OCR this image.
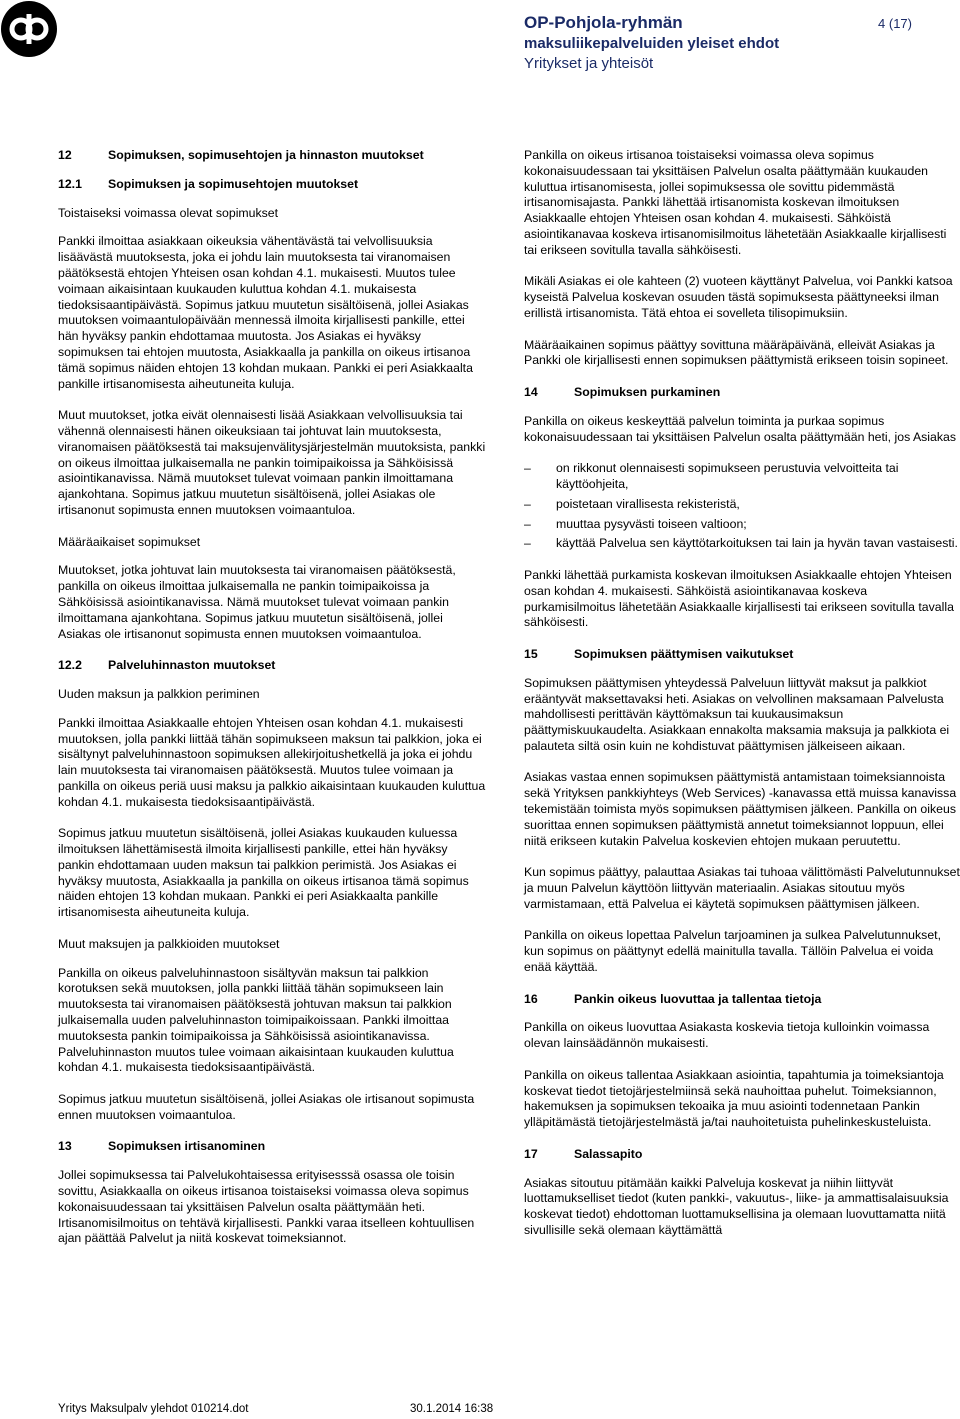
OP-Pohjola-ryhmän
maksuliikepalveluiden yleiset ehdot
Yritykset ja yhteisöt
4 (17)
12	Sopimuksen, sopimusehtojen ja hinnaston muutokset
12.1	Sopimuksen ja sopimusehtojen muutokset
Toistaiseksi voimassa olevat sopimukset

Pankki ilmoittaa asiakkaan oikeuksia vähentävästä tai velvollisuuksia lisäävästä muutoksesta, joka ei johdu lain muutoksesta tai viranomaisen päätöksestä ehtojen Yhteisen osan kohdan 4.1. mukaisesti. Muutos tulee voimaan aikaisintaan kuukauden kuluttua kohdan 4.1. mukaisesta tiedoksisaantipäivästä. Sopimus jatkuu muutetun sisältöisenä, jollei Asiakas muutoksen voimaantulopäivään mennessä ilmoita kirjallisesti pankille, ettei hän hyväksy pankin ehdottamaa muutosta. Jos Asiakas ei hyväksy sopimuksen tai ehtojen muutosta, Asiakkaalla ja pankilla on oikeus irtisanoa tämä sopimus näiden ehtojen 13 kohdan mukaan. Pankki ei peri Asiakkaalta pankille irtisanomisesta aiheutuneita kuluja.

Muut muutokset, jotka eivät olennaisesti lisää Asiakkaan velvollisuuksia tai vähennä olennaisesti hänen oikeuksiaan tai johtuvat lain muutoksesta, viranomaisen päätöksestä tai maksujenvälitysjärjestelmän muutoksista, pankki on oikeus ilmoittaa julkaisemalla ne pankin toimipaikoissa ja Sähköisissä asiointikanavissa. Nämä muutokset tulevat voimaan pankin ilmoittamana ajankohtana. Sopimus jatkuu muutetun sisältöisenä, jollei Asiakas ole irtisanonut sopimusta ennen muutoksen voimaantuloa.

Määräaikaiset sopimukset

Muutokset, jotka johtuvat lain muutoksesta tai viranomaisen päätöksestä, pankilla on oikeus ilmoittaa julkaisemalla ne pankin toimipaikoissa ja Sähköisissä asiointikanavissa. Nämä muutokset tulevat voimaan pankin ilmoittamana ajankohtana. Sopimus jatkuu muutetun sisältöisenä, jollei Asiakas ole irtisanonut sopimusta ennen muutoksen voimaantuloa.

12.2	Palveluhinnaston muutokset
Uuden maksun ja palkkion periminen

Pankki ilmoittaa Asiakkaalle ehtojen Yhteisen osan kohdan 4.1. mukaisesti muutoksen, jolla pankki liittää tähän sopimukseen maksun tai palkkion, joka ei sisältynyt palveluhinnastoon sopimuksen allekirjoitushetkellä ja joka ei johdu lain muutoksesta tai viranomaisen päätöksestä. Muutos tulee voimaan ja pankilla on oikeus periä uusi maksu ja palkkio aikaisintaan kuukauden kuluttua kohdan 4.1. mukaisesta tiedoksisaantipäivästä.

Sopimus jatkuu muutetun sisältöisenä, jollei Asiakas kuukauden kuluessa ilmoituksen lähettämisestä ilmoita kirjallisesti pankille, ettei hän hyväksy pankin ehdottamaan uuden maksun tai palkkion perimistä. Jos Asiakas ei hyväksy muutosta, Asiakkaalla ja pankilla on oikeus irtisanoa tämä sopimus näiden ehtojen 13 kohdan mukaan. Pankki ei peri Asiakkaalta pankille irtisanomisesta aiheutuneita kuluja.

Muut maksujen ja palkkioiden muutokset

Pankilla on oikeus palveluhinnastoon sisältyvän maksun tai palkkion korotuksen sekä muutoksen, jolla pankki liittää tähän sopimukseen lain muutoksesta tai viranomaisen päätöksestä johtuvan maksun tai palkkion julkaisemalla uuden palveluhinnaston toimipaikoissaan. Pankki ilmoittaa muutoksesta pankin toimipaikoissa ja Sähköisissä asiointikanavissa. Palveluhinnaston muutos tulee voimaan aikaisintaan kuukauden kuluttua kohdan 4.1. mukaisesta tiedoksisaantipäivästä.

Sopimus jatkuu muutetun sisältöisenä, jollei Asiakas ole irtisanout sopimusta ennen muutoksen voimaantuloa.

13	Sopimuksen irtisanominen

Jollei sopimuksessa tai Palvelukohtaisessa erityisesssä osassa ole toisin sovittu, Asiakkaalla on oikeus irtisanoa toistaiseksi voimassa oleva sopimus kokonaisuudessaan tai yksittäisen Palvelun osalta päättymään heti. Irtisanomisilmoitus on tehtävä kirjallisesti. Pankki varaa itselleen kohtuullisen ajan päättää Palvelut ja niitä koskevat toimeksiannot.

Pankilla on oikeus irtisanoa toistaiseksi voimassa oleva sopimus kokonaisuudessaan tai yksittäisen Palvelun osalta päättymään kuukauden kuluttua irtisanomisesta, jollei sopimuksessa ole sovittu pidemmästä irtisanomisajasta. Pankki lähettää irtisanomista koskevan ilmoituksen Asiakkaalle ehtojen Yhteisen osan kohdan 4. mukaisesti. Sähköistä asiointikanavaa koskeva irtisanomisilmoitus lähetetään Asiakkaalle kirjallisesti tai erikseen sovitulla tavalla sähköisesti.

Mikäli Asiakas ei ole kahteen (2) vuoteen käyttänyt Palvelua, voi Pankki katsoa kyseistä Palvelua koskevan osuuden tästä sopimuksesta päättyneeksi ilman erillistä irtisanomista. Tätä ehtoa ei sovelleta tilisopimuksiin.

Määräaikainen sopimus päättyy sovittuna määräpäivänä, elleivät Asiakas ja Pankki ole kirjallisesti ennen sopimuksen päättymistä erikseen toisin sopineet.

14	Sopimuksen purkaminen

Pankilla on oikeus keskeyttää palvelun toiminta ja purkaa sopimus kokonaisuudessaan tai yksittäisen Palvelun osalta päättymään heti, jos Asiakas

– on rikkonut olennaisesti sopimukseen perustuvia velvoitteita tai käyttöohjeita,
– poistetaan virallisesta rekisteristä,
– muuttaa pysyvästi toiseen valtioon;
– käyttää Palvelua sen käyttötarkoituksen tai lain ja hyvän tavan vastaisesti.

Pankki lähettää purkamista koskevan ilmoituksen Asiakkaalle ehtojen Yhteisen osan kohdan 4. mukaisesti. Sähköistä asiointikanavaa koskeva purkamisilmoitus lähetetään Asiakkaalle kirjallisesti tai erikseen sovitulla tavalla sähköisesti.

15	Sopimuksen päättymisen vaikutukset

Sopimuksen päättymisen yhteydessä Palveluun liittyvät maksut ja palkkiot erääntyvät maksettavaksi heti. Asiakas on velvollinen maksamaan Palvelusta mahdollisesti perittävän käyttömaksun tai kuukausimaksun päättymiskuukaudelta. Asiakkaan ennakolta maksamia maksuja ja palkkiota ei palauteta siltä osin kuin ne kohdistuvat päättymisen jälkeiseen aikaan.

Asiakas vastaa ennen sopimuksen päättymistä antamistaan toimeksiannoista sekä Yrityksen pankkiyhteys (Web Services) -kanavassa että muissa kanavissa tekemistään toimista myös sopimuksen päättymisen jälkeen. Pankilla on oikeus suorittaa ennen sopimuksen päättymistä annetut toimeksiannot loppuun, ellei niitä erikseen kutakin Palvelua koskevien ehtojen mukaan peruutettu.

Kun sopimus päättyy, palauttaa Asiakas tai tuhoaa välittömästi Palvelutunnukset ja muun Palvelun käyttöön liittyvän materiaalin. Asiakas sitoutuu myös varmistamaan, että Palvelua ei käytetä sopimuksen päättymisen jälkeen.

Pankilla on oikeus lopettaa Palvelun tarjoaminen ja sulkea Palvelutunnukset, kun sopimus on päättynyt edellä mainitulla tavalla. Tällöin Palvelua ei voida enää käyttää.

16	Pankin oikeus luovuttaa ja tallentaa tietoja

Pankilla on oikeus luovuttaa Asiakasta koskevia tietoja kulloinkin voimassa olevan lainsäädännön mukaisesti.

Pankilla on oikeus tallentaa Asiakkaan asiointia, tapahtumia ja toimeksiantoja koskevat tiedot tietojärjestelmiinsä sekä nauhoittaa puhelut. Toimeksiannon, hakemuksen ja sopimuksen tekoaika ja muu asiointi todennetaan Pankin ylläpitämästä tietojärjestelmästä ja/tai nauhoitetuista puhelinkeskusteluista.

17	Salassapito

Asiakas sitoutuu pitämään kaikki Palveluja koskevat ja niihin liittyvät luottamukselliset tiedot (kuten pankki-, vakuutus-, liike- ja ammattisalaisuuksia koskevat tiedot) ehdottoman luottamuksellisina ja olemaan luovuttamatta niitä sivullisille sekä olemaan käyttämättä

Yritys Maksulpalv ylehdot 010214.dot	30.1.2014 16:38
